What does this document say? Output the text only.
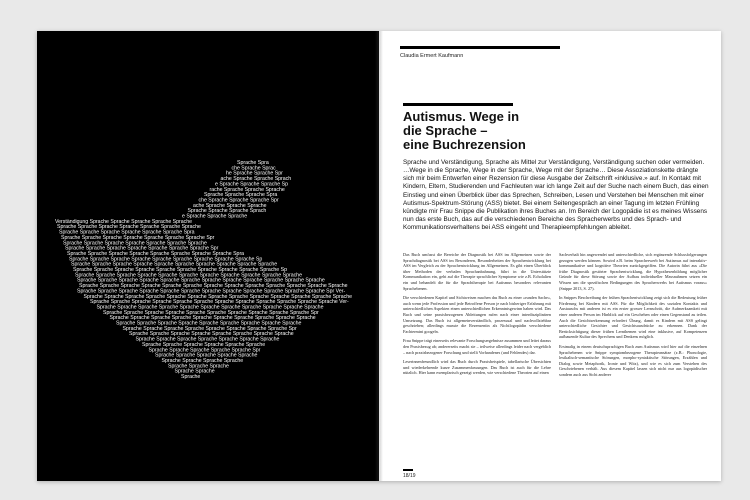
Sprache Spra
che Sprache Sprac
he Sprache Sprache Spr
ache Sprache Sprache Sprach
e Sprache Sprache Sprache Sp
rache Sprache Sprache Sprache
Sprache Sprache Sprache Spra
che Sprache Sprache Sprache Spr
ache Sprache Sprache Sprache
Sprache Sprache Sprache Sprach
e Sprache Sprache Sprache
Verständigung Sprache Sprache Sprache Sprache Sprache
Sprache Sprache Sprache Sprache Sprache Sprache Sprache
Sprache Sprache Sprache Sprache Sprache Sprache Spra
Sprache Sprache Sprache Sprache Sprache Sprache Sprache Spr
Sprache Sprache Sprache Sprache Sprache Sprache Sprache
Sprache Sprache Sprache Sprache Sprache Sprache Sprache Spr
Sprache Sprache Sprache Sprache Sprache Sprache Sprache Sprache Spra
Sprache Sprache Sprache Sprache Sprache Sprache Sprache Sprache Sprache Sp
Sprache Sprache Sprache Sprache Sprache Sprache Sprache Sprache Sprache Sprache
Sprache Sprache Sprache Sprache Sprache Sprache Sprache Sprache Sprache Sprache Sp
Sprache Sprache Sprache Sprache Sprache Sprache Sprache Sprache Sprache Sprache Sprache
Sprache Sprache Sprache Sprache Sprache Sprache Sprache Sprache Sprache Sprache Sprache Sprache
Sprache Sprache Sprache Sprache Sprache Sprache Sprache Sprache Sprache Sprache Sprache Sprache Sprache
Sprache Sprache Sprache Sprache Sprache Sprache Sprache Sprache Sprache Sprache Sprache Sprache Spr Ver-
Sprache Sprache Sprache Sprache Sprache Sprache Sprache Sprache Sprache Sprache Sprache Sprache Sprache
Sprache Sprache Sprache Sprache Sprache Sprache Sprache Sprache Sprache Sprache Sprache Sprache Ver-
Sprache Sprache Sprache Sprache Sprache Sprache Sprache Sprache Sprache Sprache Sprache
Sprache Sprache Sprache Sprache Sprache Sprache Sprache Sprache Sprache Sprache Spr
Sprache Sprache Sprache Sprache Sprache Sprache Sprache Sprache Sprache Sprache
Sprache Sprache Sprache Sprache Sprache Sprache Sprache Sprache Sprache
Sprache Sprache Sprache Sprache Sprache Sprache Sprache Sprache Spr
Sprache Sprache Sprache Sprache Sprache Sprache Sprache Sprache
Sprache Sprache Sprache Sprache Sprache Sprache Sprache
Sprache Sprache Sprache Sprache Sprache Sprache
Sprache Sprache Sprache Sprache Sprache Spr
Sprache Sprache Sprache Sprache Sprache
Sprache Sprache Sprache Sprache
Sprache Sprache Sprache
Sprache Sprache
Sprache
Claudia Ermert Kaufmann
Autismus. Wege in
die Sprache –
eine Buchrezension

Sprache und Verständigung, Sprache als Mittel zur Verständigung, Verständigung suchen oder vermeiden. …Wege in die Sprache, Wege in der Sprache, Wege mit der Sprache… Diese Assoziationskette drängte sich mir beim Entwerfen einer Rezension für diese Ausgabe der Zeitschrift «inklusive.» auf. In Kontakt mit Kindern, Eltern, Studierenden und Fachleuten war ich lange Zeit auf der Suche nach einem Buch, das einen Einstieg und einen Überblick über das Sprechen, Schreiben, Lesen und Verstehen bei Menschen mit einer Autismus-Spektrum-Störung (ASS) bietet. Bei einem Seitengespräch an einer Tagung im letzten Frühling kündigte mir Frau Snippe die Publikation ihres Buches an. Im Bereich der Logopädie ist es meines Wissens nun das erste Buch, das auf die verschiedenen Bereiche des Spracherwerbs und des Sprach- und Kommunikationsverhaltens bei ASS eingeht und Therapieempfehlungen ableitet.

Das Buch umfasst die Bereiche der Diagnostik bei ASS im Allgemeinen sowie der Sprachdiagnostik bei ASS im Besonderen, Besonderheiten der Sprachentwicklung bei ASS im Vergleich zu der Sprachentwicklung im Allgemeinen. Es gibt einen Überblick über Methoden der verbalen Sprachanbahnung, führt in die Unterstützte Kommunikation ein, geht auf die Therapie sprachlicher Symptome wie z.B. Echolalien ein und behandelt die für die Sprachtherapie bei Autismus besonders relevanten Sprachebenen.

Die verschiedenen Kapitel und Sichtweisen machen das Buch zu einer «runden Sache», auch wenn jede Profession und jede Betroffene Person je nach bisheriger Erfahrung mit unterschiedlichen Aspekten einen unterschiedlichen Erkenntnisgewinn haben wird. Das Buch und seine praxisbezogenen Ableitungen rufen nach einer interdisziplinären Umsetzung. Das Buch ist allgemeinverständlich, prozessual und nachvollziehbar geschrieben; allerdings musste die Rezensentin als Nichtlogopädin verschiedene Fachtermini googeln.

Frau Snippe trägt einerseits relevante Forschungsergebnisse zusammen und leitet daraus den Praxisbezug ab; andererseits macht sie – teilweise allerdings leider nach vergeblich – nach praxisbezogener Forschung und stellt Vorhandenes (und Fehlendes) dar.

Leserinnenfreundlich wird das Buch durch Praxisbeispiele, tabellarische Übersichten und wiederkehrende kurze Zusammenfassungen. Das Buch ist auch für die Lehre nützlich. Hier kann exemplarisch gezeigt werden, wie verschiedene Theorien auf einen

Sachverhalt hin angewendet und unterschiedliche, sich ergänzende Schlussfolgerungen gezogen werden können. Sowird z.B. beim Spracherwerb bei Autismus auf interaktiv-kommunikative und kognitive Theorien zurückgegriffen. Die Autorin führt aus «Die frühe Diagnostik gestörter Sprachentwicklung, die Hypothesenbildung möglicher Gründe für diese Störung sowie der Aufbau individueller Massnahmen setzen ein Wissen um die spezifischen Bedingungen des Spracherwerbs bei Autismus voraus» (Snippe 2013, S. 27).

In Snippes Beschreibung der frühen Sprachentwicklung zeigt sich die Bedeutung früher Förderung bei Kindern mit ASS. Für die Möglichkeit des sozialen Kontakts und Austauschs mit anderen ist es ein erster grosser Lernschritt, die Aufmerksamkeit mit einer anderen Person im Hinblick auf ein Geschehen oder einen Gegenstand zu teilen. Auch die Gesichtserkennung erfordert Übung, damit es Kindern mit ASS gelingt unterschiedliche Gesichter und Gesichtsausdrücke zu erkennen. Dank der Berücksichtigung dieser frühen Lernthemen wird eine inklusive, auf Kompetenzen aufbauende Kultur des Sprechens und Denkens möglich.

Erstmalig in einem deutschsprachigen Buch zum Autismus wird hier auf die einzelnen Sprachebenen wie Snippe symptombezogene Therapieansätze (z.B.: Phonologie, lexikalisch-semantische Störungen, morpho-syntaktische Störungen, Erzählen und Dialog sowie Metaphorik, Ironie und Witz), und wie es sich zum Verstehen des Geschriebenen verhält. Aus diesem Kapitel lassen sich nicht nur aus logopädischer sondern auch aus Sicht anderer

18/19
